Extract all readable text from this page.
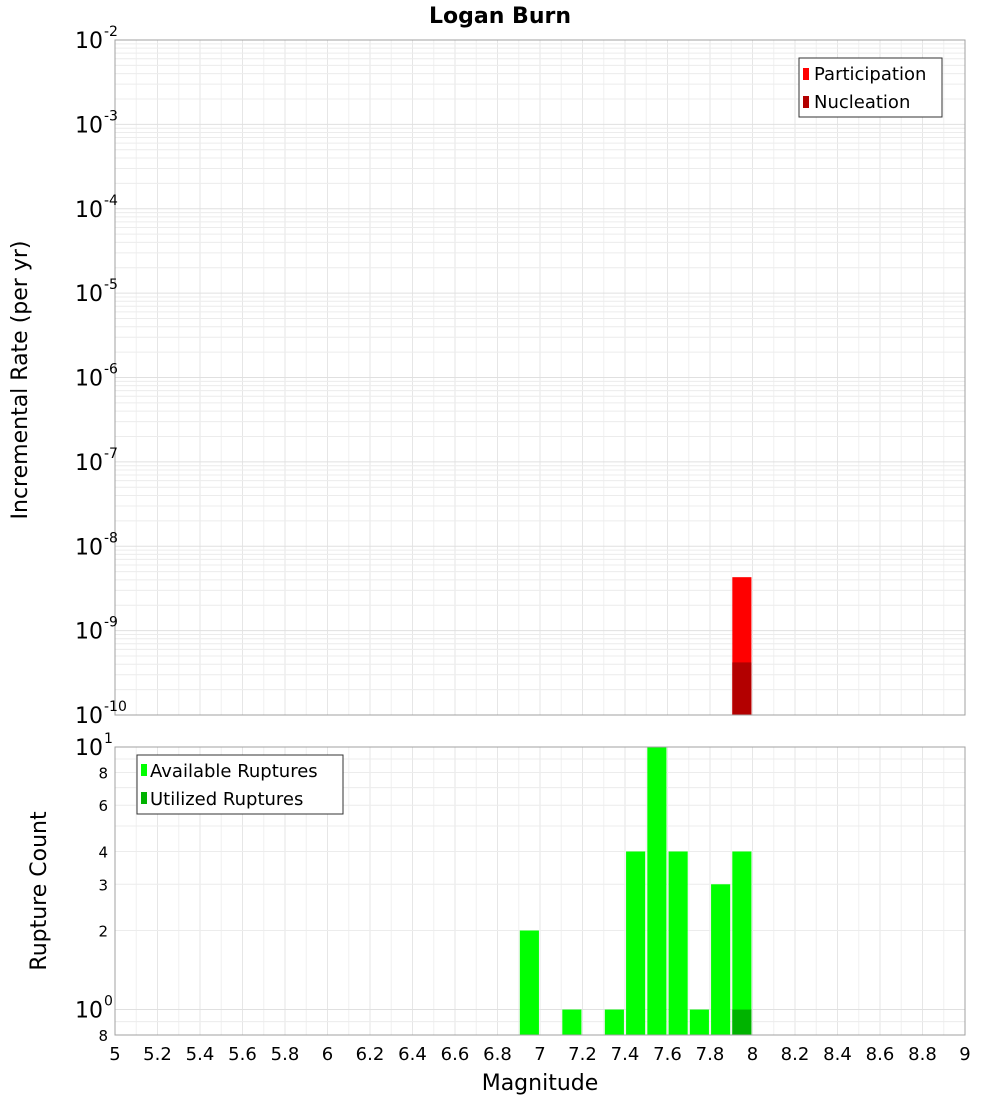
Logan Burn
Incremental Rate (per yr)
Rupture Count
Magnitude
10 -2
10 -3
10 -4
10 -5
10 -6
10 -7
10 -8
10 -9
10 -10
Participation
Nucleation
10 1
8
6
4
3
2
10 0
8
Available Ruptures
Utilized Ruptures
5 5.2 5.4 5.6 5.8 6 6.2 6.4 6.6 6.8 7 7.2 7.4 7.6 7.8 8 8.2 8.4 8.6 8.8 9
